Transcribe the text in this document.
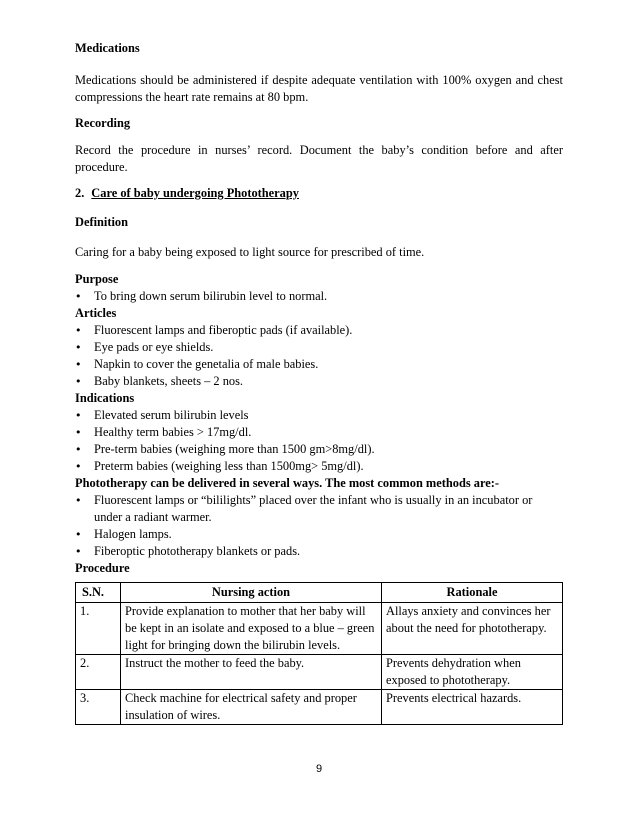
Medications

Medications should be administered if despite adequate ventilation with 100% oxygen and chest compressions the heart rate remains at 80 bpm.

Recording

Record the procedure in nurses’ record. Document the baby’s condition before and after procedure.

2. Care of baby undergoing Phototherapy

Definition

Caring for a baby being exposed to light source for prescribed of time.

Purpose

• To bring down serum bilirubin level to normal.

Articles

• Fluorescent lamps and fiberoptic pads (if available).
• Eye pads or eye shields.
• Napkin to cover the genetalia of male babies.
• Baby blankets, sheets – 2 nos.

Indications

• Elevated serum bilirubin levels
• Healthy term babies > 17mg/dl.
• Pre-term babies (weighing more than 1500 gm>8mg/dl).
• Preterm babies (weighing less than 1500mg> 5mg/dl).

Phototherapy can be delivered in several ways. The most common methods are:-

• Fluorescent lamps or “bililights” placed over the infant who is usually in an incubator or under a radiant warmer.
• Halogen lamps.
• Fiberoptic phototherapy blankets or pads.

Procedure

S.N.	Nursing action	Rationale
1.	Provide explanation to mother that her baby will be kept in an isolate and exposed to a blue – green light for bringing down the bilirubin levels.	Allays anxiety and convinces her about the need for phototherapy.
2.	Instruct the mother to feed the baby.	Prevents dehydration when exposed to phototherapy.
3.	Check machine for electrical safety and proper insulation of wires.	Prevents electrical hazards.
9
